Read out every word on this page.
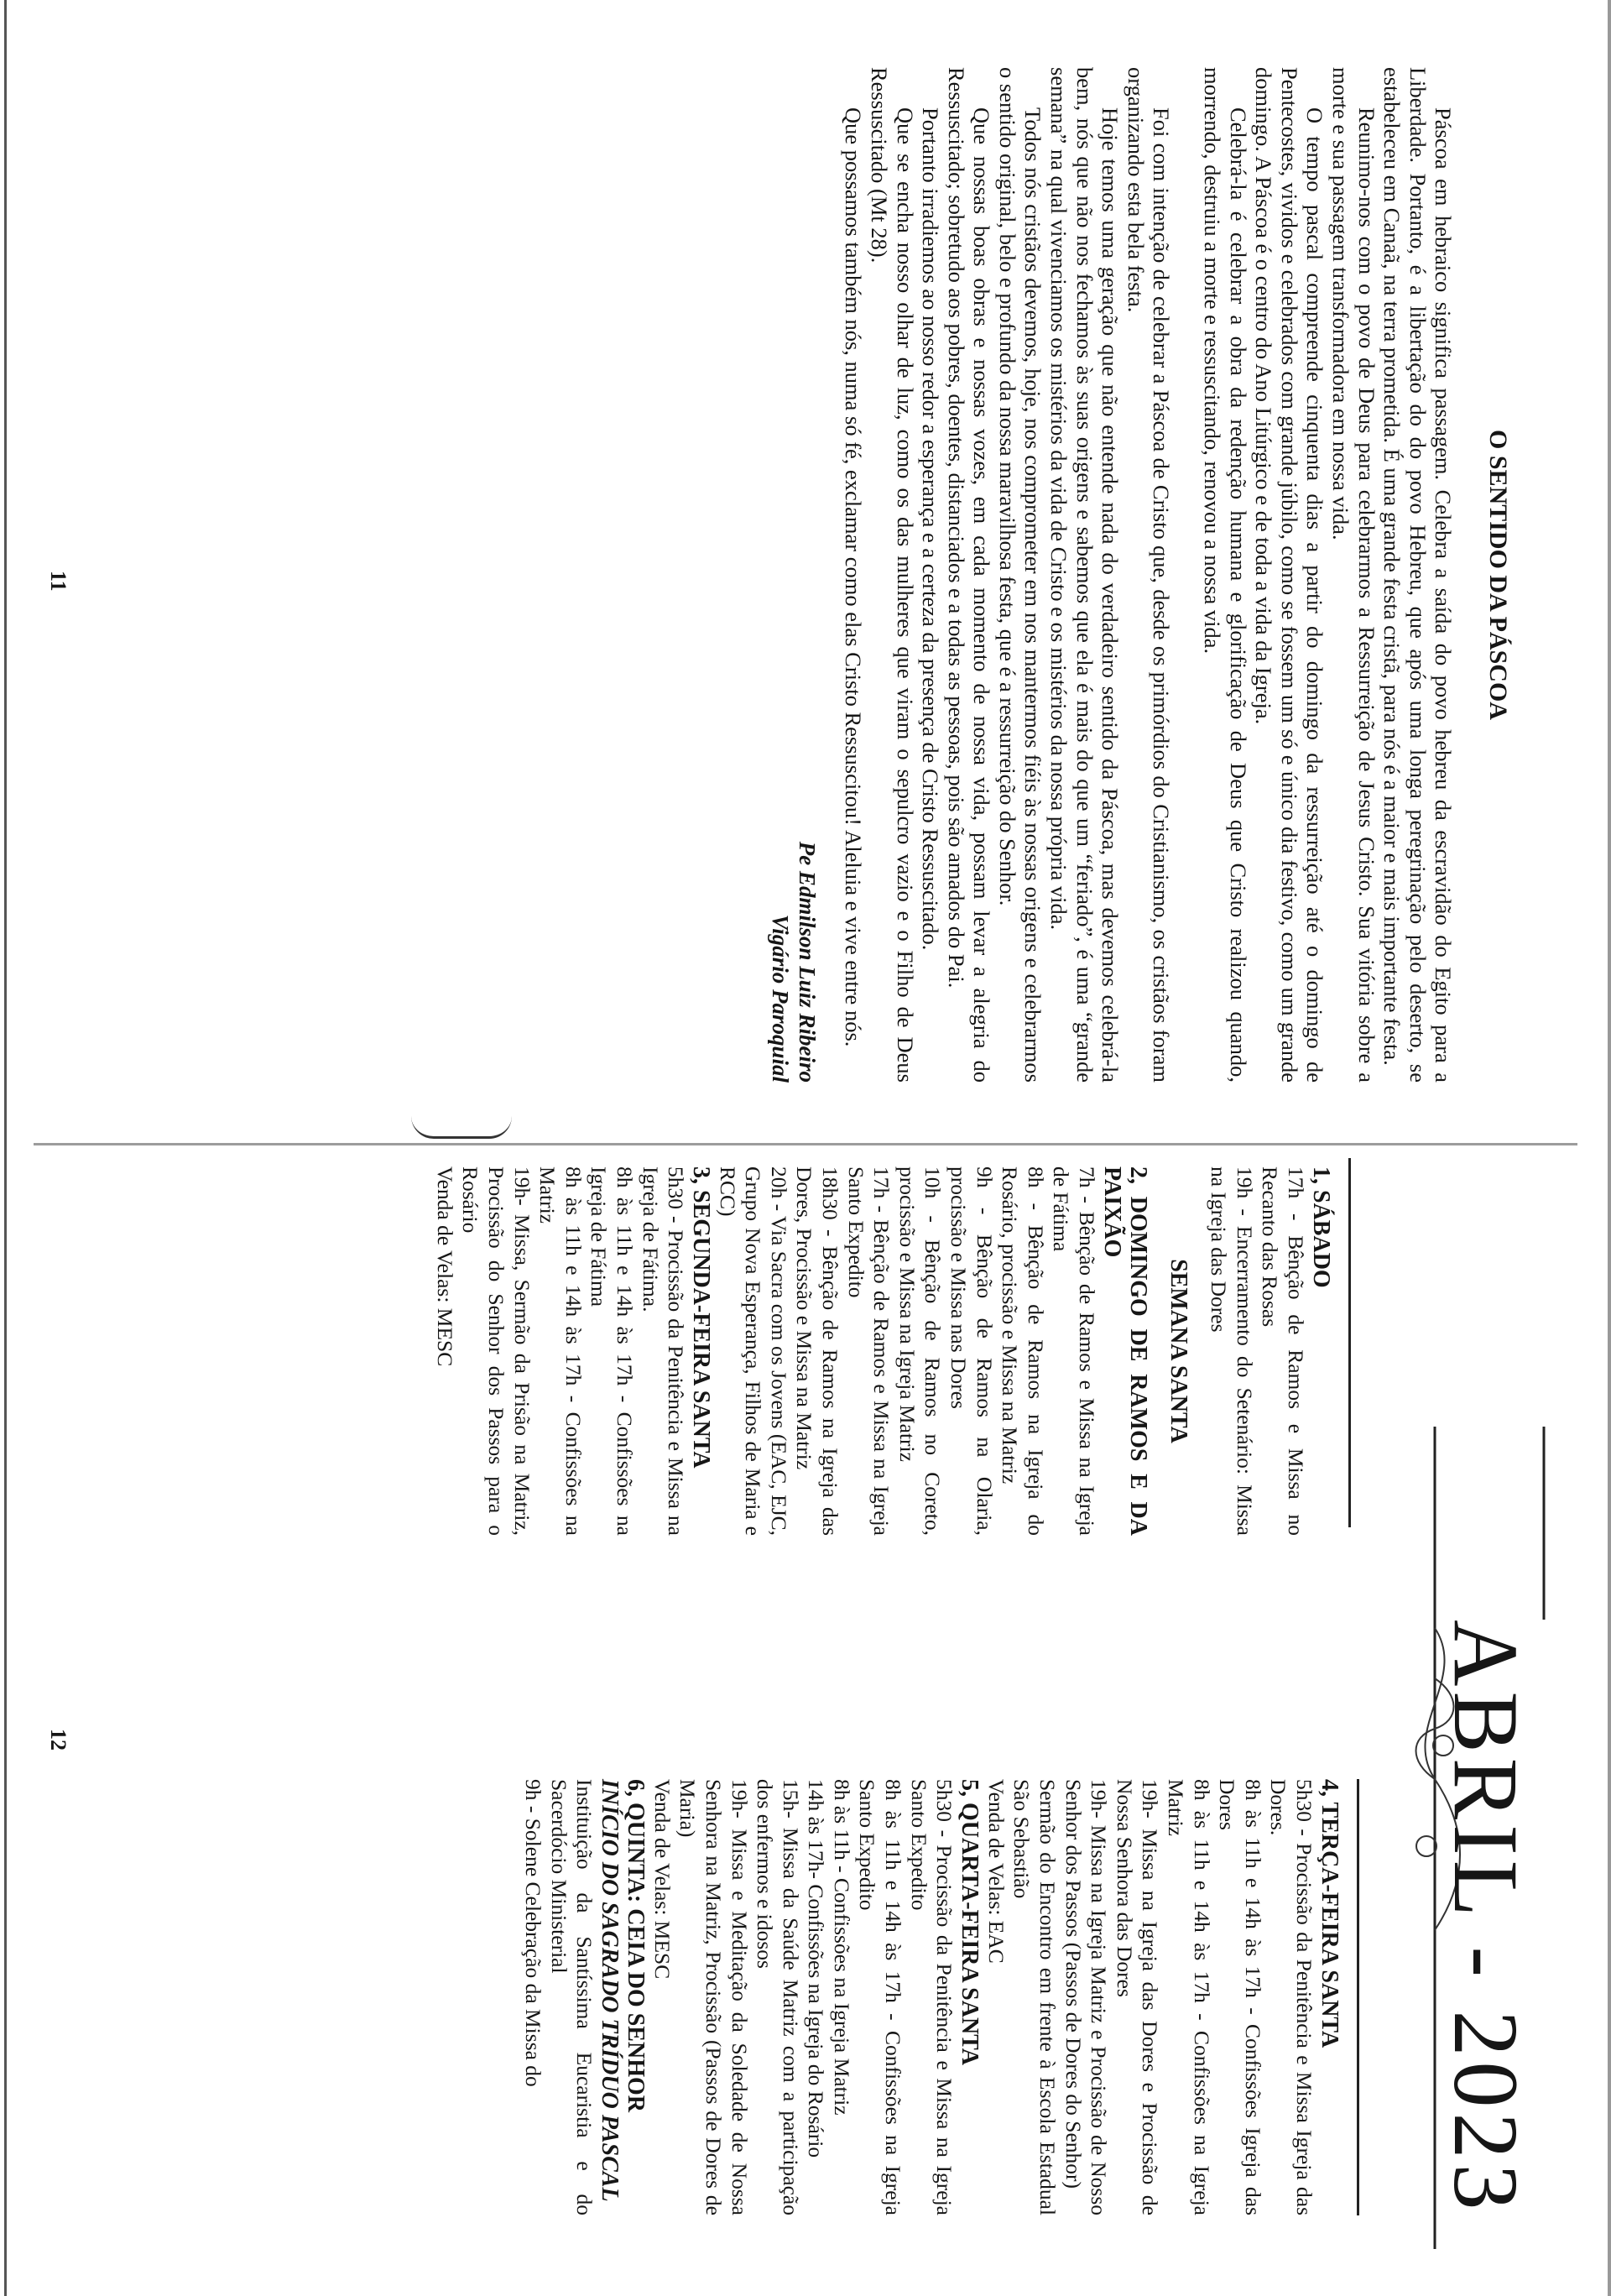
O SENTIDO DA PÁSCOA

Páscoa em hebraico significa passagem. Celebra a saída do povo hebreu da escravidão do Egito para a Liberdade. Portanto, é a libertação do do povo Hebreu, que após uma longa peregrinação pelo deserto, se estabeleceu em Canaã, na terra prometida. É uma grande festa cristã, para nós é a maior e mais importante festa.

Reunimo-nos com o povo de Deus para celebrarmos a Ressurreição de Jesus Cristo. Sua vitória sobre a morte e sua passagem transformadora em nossa vida.

O tempo pascal compreende cinquenta dias a partir do domingo da ressurreição até o domingo de Pentecostes, vividos e celebrados com grande júbilo, como se fossem um só e único dia festivo, como um grande domingo. A Páscoa é o centro do Ano Litúrgico e de toda a vida da Igreja.

Celebrá-la é celebrar a obra da redenção humana e glorificação de Deus que Cristo realizou quando, morrendo, destruiu a morte e ressuscitando, renovou a nossa vida.

Foi com intenção de celebrar a Páscoa de Cristo que, desde os primórdios do Cristianismo, os cristãos foram organizando esta bela festa.

Hoje temos uma geração que não entende nada do verdadeiro sentido da Páscoa, mas devemos celebrá-la bem, nós que não nos fechamos às suas origens e sabemos que ela é mais do que um “feriado”, é uma “grande semana” na qual vivenciamos os mistérios da vida de Cristo e os mistérios da nossa própria vida.

Todos nós cristãos devemos, hoje, nos comprometer em nos mantermos fiéis às nossas origens e celebrarmos o sentido original, belo e profundo da nossa maravilhosa festa, que é a ressurreição do Senhor.

Que nossas boas obras e nossas vozes, em cada momento de nossa vida, possam levar a alegria do Ressuscitado; sobretudo aos pobres, doentes, distanciados e a todas as pessoas, pois são amados do Pai.

Portanto irradiemos ao nosso redor a esperança e a certeza da presença de Cristo Ressuscitado.

Que se encha nosso olhar de luz, como os das mulheres que viram o sepulcro vazio e o Filho de Deus Ressuscitado (Mt 28).

Que possamos também nós, numa só fé, exclamar como elas Cristo Ressuscitou! Aleluia e vive entre nós.

Pe Edmilson Luiz Ribeiro
Vigário Paroquial
11
ABRIL - 2023
1, SÁBADO
17h - Bênção de Ramos e Missa no Recanto das Rosas
19h - Encerramento do Setenário: Missa na Igreja das Dores
SEMANA SANTA
2, DOMINGO DE RAMOS E DA PAIXÃO
7h - Bênção de Ramos e Missa na Igreja de Fátima
8h - Bênção de Ramos na Igreja do Rosário, procissão e Missa na Matriz
9h - Bênção de Ramos na Olaria, procissão e Missa nas Dores
10h - Bênção de Ramos no Coreto, procissão e Missa na Igreja Matriz
17h - Bênção de Ramos e Missa na Igreja Santo Expedito
18h30 - Bênção de Ramos na Igreja das Dores, Procissão e Missa na Matriz
20h - Via Sacra com os Jovens (EAC, EJC, Grupo Nova Esperança, Filhos de Maria e RCC)
3, SEGUNDA-FEIRA SANTA
5h30 - Procissão da Penitência e Missa na Igreja de Fátima.
8h às 11h e 14h às 17h - Confissões na Igreja de Fátima
8h às 11h e 14h às 17h - Confissões na Matriz
19h- Missa, Sermão da Prisão na Matriz, Procissão do Senhor dos Passos para o Rosário
Venda de Velas: MESC
4, TERÇA-FEIRA SANTA
5h30 - Procissão da Penitência e Missa Igreja das Dores.
8h às 11h e 14h às 17h - Confissões Igreja das Dores
8h às 11h e 14h às 17h - Confissões na Igreja Matriz
19h- Missa na Igreja das Dores e Procissão de Nossa Senhora das Dores
19h- Missa na Igreja Matriz e Procissão de Nosso Senhor dos Passos (Passos de Dores do Senhor)
Sermão do Encontro em frente à Escola Estadual São Sebastião
Venda de Velas: EAC
5, QUARTA-FEIRA SANTA
5h30 - Procissão da Penitência e Missa na Igreja Santo Expedito
8h às 11h e 14h às 17h - Confissões na Igreja Santo Expedito
8h às 11h - Confissões na Igreja Matriz
14h às 17h- Confissões na Igreja do Rosário
15h- Missa da Saúde Matriz com a participação dos enfermos e idosos
19h- Missa e Meditação da Soledade de Nossa Senhora na Matriz, Procissão (Passos de Dores de Maria)
Venda de Velas: MESC
6, QUINTA: CEIA DO SENHOR
INÍCIO DO SAGRADO TRÍDUO PASCAL
Instituição da Santíssima Eucaristia e do Sacerdócio Ministerial
9h - Solene Celebração da Missa do
12
